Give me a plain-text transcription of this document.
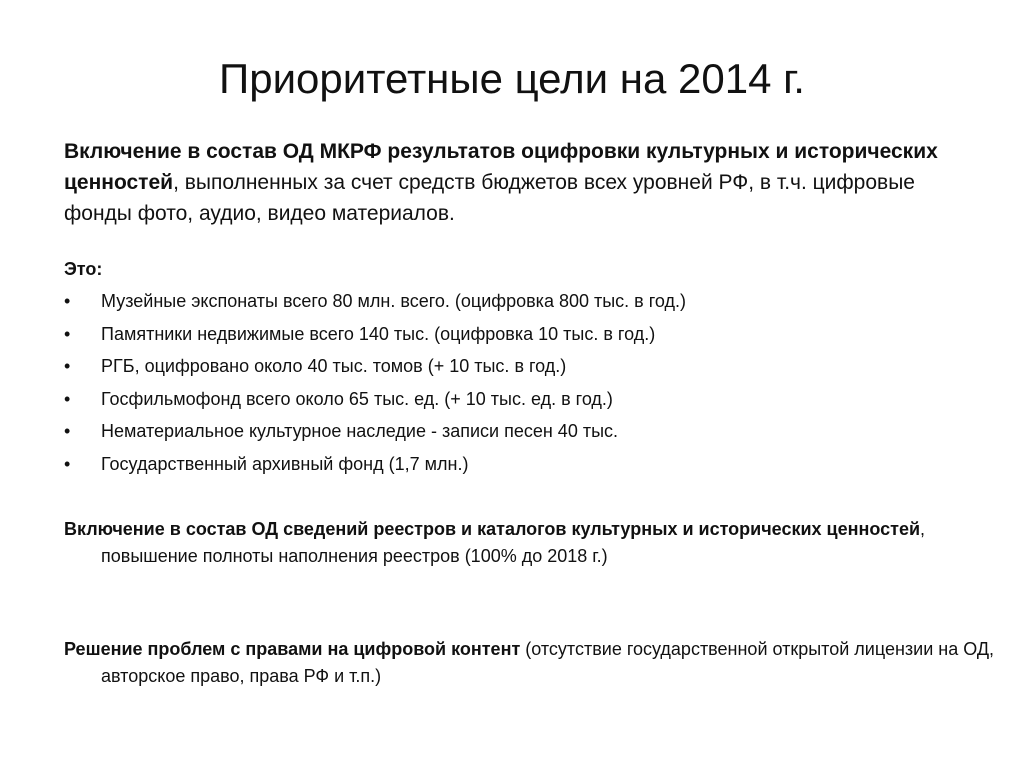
Приоритетные цели на 2014 г.

Включение в состав ОД МКРФ результатов оцифровки культурных и исторических ценностей, выполненных за счет средств бюджетов всех уровней РФ, в т.ч. цифровые фонды фото, аудио, видео материалов.

Это:

• Музейные экспонаты всего 80 млн. всего. (оцифровка 800 тыс. в год.)
• Памятники недвижимые всего 140 тыс. (оцифровка 10 тыс. в год.)
• РГБ, оцифровано около 40 тыс. томов (+ 10 тыс. в год.)
• Госфильмофонд всего около 65 тыс. ед. (+ 10 тыс. ед. в год.)
• Нематериальное культурное наследие - записи песен 40 тыс.
• Государственный архивный фонд (1,7 млн.)

Включение в состав ОД сведений реестров и каталогов культурных и исторических ценностей, повышение полноты наполнения реестров (100% до 2018 г.)

Решение проблем с правами на цифровой контент (отсутствие государственной открытой лицензии на ОД, авторское право, права РФ и т.п.)
